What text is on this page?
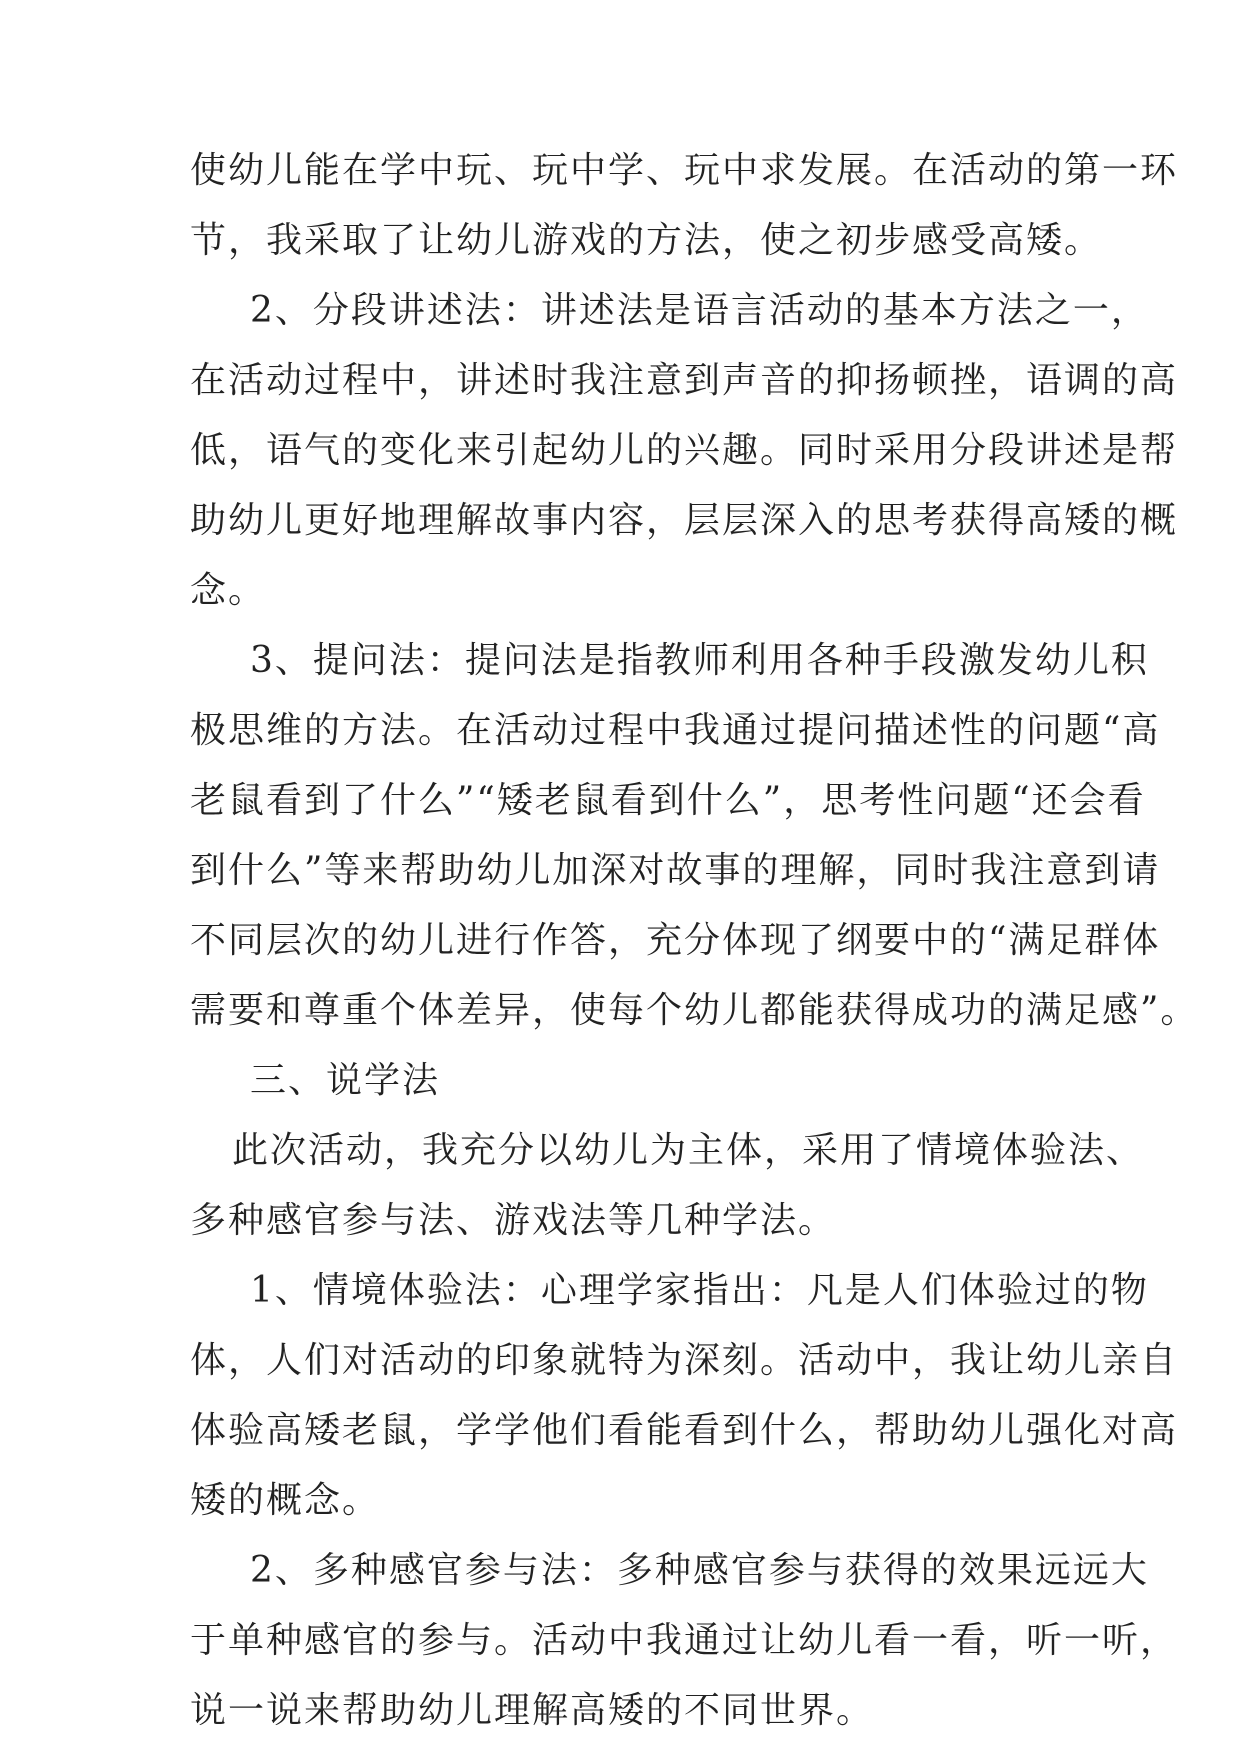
使幼儿能在学中玩、玩中学、玩中求发展。在活动的第一环
节，我采取了让幼儿游戏的方法，使之初步感受高矮。
2、分段讲述法：讲述法是语言活动的基本方法之一，
在活动过程中，讲述时我注意到声音的抑扬顿挫，语调的高
低，语气的变化来引起幼儿的兴趣。同时采用分段讲述是帮
助幼儿更好地理解故事内容，层层深入的思考获得高矮的概
念。
3、提问法：提问法是指教师利用各种手段激发幼儿积
极思维的方法。在活动过程中我通过提问描述性的问题“高
老鼠看到了什么”“矮老鼠看到什么”，思考性问题“还会看
到什么”等来帮助幼儿加深对故事的理解，同时我注意到请
不同层次的幼儿进行作答，充分体现了纲要中的“满足群体
需要和尊重个体差异，使每个幼儿都能获得成功的满足感”。
三、说学法
此次活动，我充分以幼儿为主体，采用了情境体验法、
多种感官参与法、游戏法等几种学法。
1、情境体验法：心理学家指出：凡是人们体验过的物
体，人们对活动的印象就特为深刻。活动中，我让幼儿亲自
体验高矮老鼠，学学他们看能看到什么，帮助幼儿强化对高
矮的概念。
2、多种感官参与法：多种感官参与获得的效果远远大
于单种感官的参与。活动中我通过让幼儿看一看，听一听，
说一说来帮助幼儿理解高矮的不同世界。
